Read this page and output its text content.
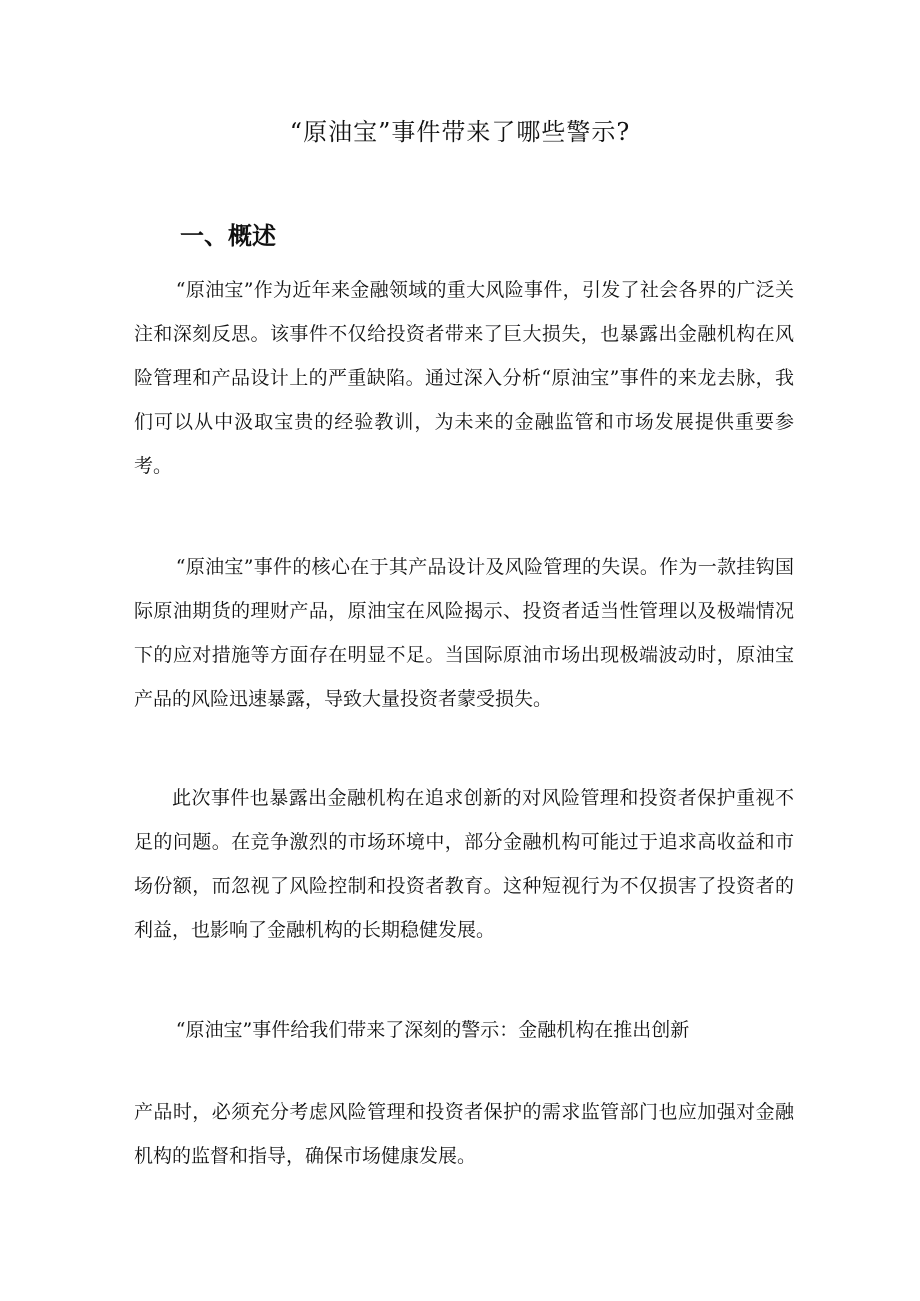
“原油宝”事件带来了哪些警示?
一、概述

“原油宝”作为近年来金融领域的重大风险事件，引发了社会各界的广泛关注和深刻反思。该事件不仅给投资者带来了巨大损失，也暴露出金融机构在风险管理和产品设计上的严重缺陷。通过深入分析“原油宝”事件的来龙去脉，我们可以从中汲取宝贵的经验教训，为未来的金融监管和市场发展提供重要参考。

“原油宝”事件的核心在于其产品设计及风险管理的失误。作为一款挂钩国际原油期货的理财产品，原油宝在风险揭示、投资者适当性管理以及极端情况下的应对措施等方面存在明显不足。当国际原油市场出现极端波动时，原油宝产品的风险迅速暴露，导致大量投资者蒙受损失。

此次事件也暴露出金融机构在追求创新的对风险管理和投资者保护重视不足的问题。在竞争激烈的市场环境中，部分金融机构可能过于追求高收益和市场份额，而忽视了风险控制和投资者教育。这种短视行为不仅损害了投资者的利益，也影响了金融机构的长期稳健发展。

“原油宝”事件给我们带来了深刻的警示：金融机构在推出创新

产品时，必须充分考虑风险管理和投资者保护的需求监管部门也应加强对金融机构的监督和指导，确保市场健康发展。
